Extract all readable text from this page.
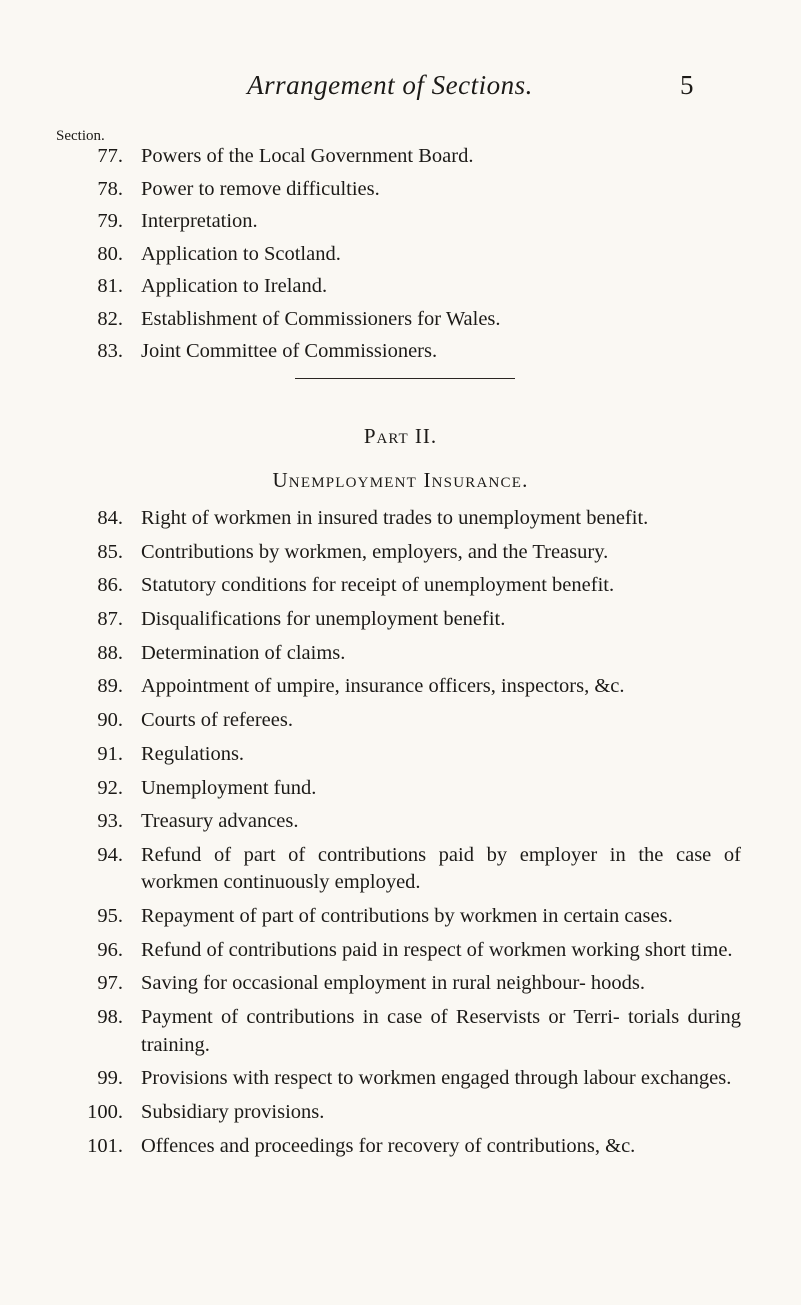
Arrangement of Sections.	5
Section.
77. Powers of the Local Government Board.
78. Power to remove difficulties.
79. Interpretation.
80. Application to Scotland.
81. Application to Ireland.
82. Establishment of Commissioners for Wales.
83. Joint Committee of Commissioners.
Part II.
Unemployment Insurance.
84. Right of workmen in insured trades to unemployment benefit.
85. Contributions by workmen, employers, and the Treasury.
86. Statutory conditions for receipt of unemployment benefit.
87. Disqualifications for unemployment benefit.
88. Determination of claims.
89. Appointment of umpire, insurance officers, inspectors, &c.
90. Courts of referees.
91. Regulations.
92. Unemployment fund.
93. Treasury advances.
94. Refund of part of contributions paid by employer in the case of workmen continuously employed.
95. Repayment of part of contributions by workmen in certain cases.
96. Refund of contributions paid in respect of workmen working short time.
97. Saving for occasional employment in rural neighbour- hoods.
98. Payment of contributions in case of Reservists or Terri- torials during training.
99. Provisions with respect to workmen engaged through labour exchanges.
100. Subsidiary provisions.
101. Offences and proceedings for recovery of contributions, &c.
